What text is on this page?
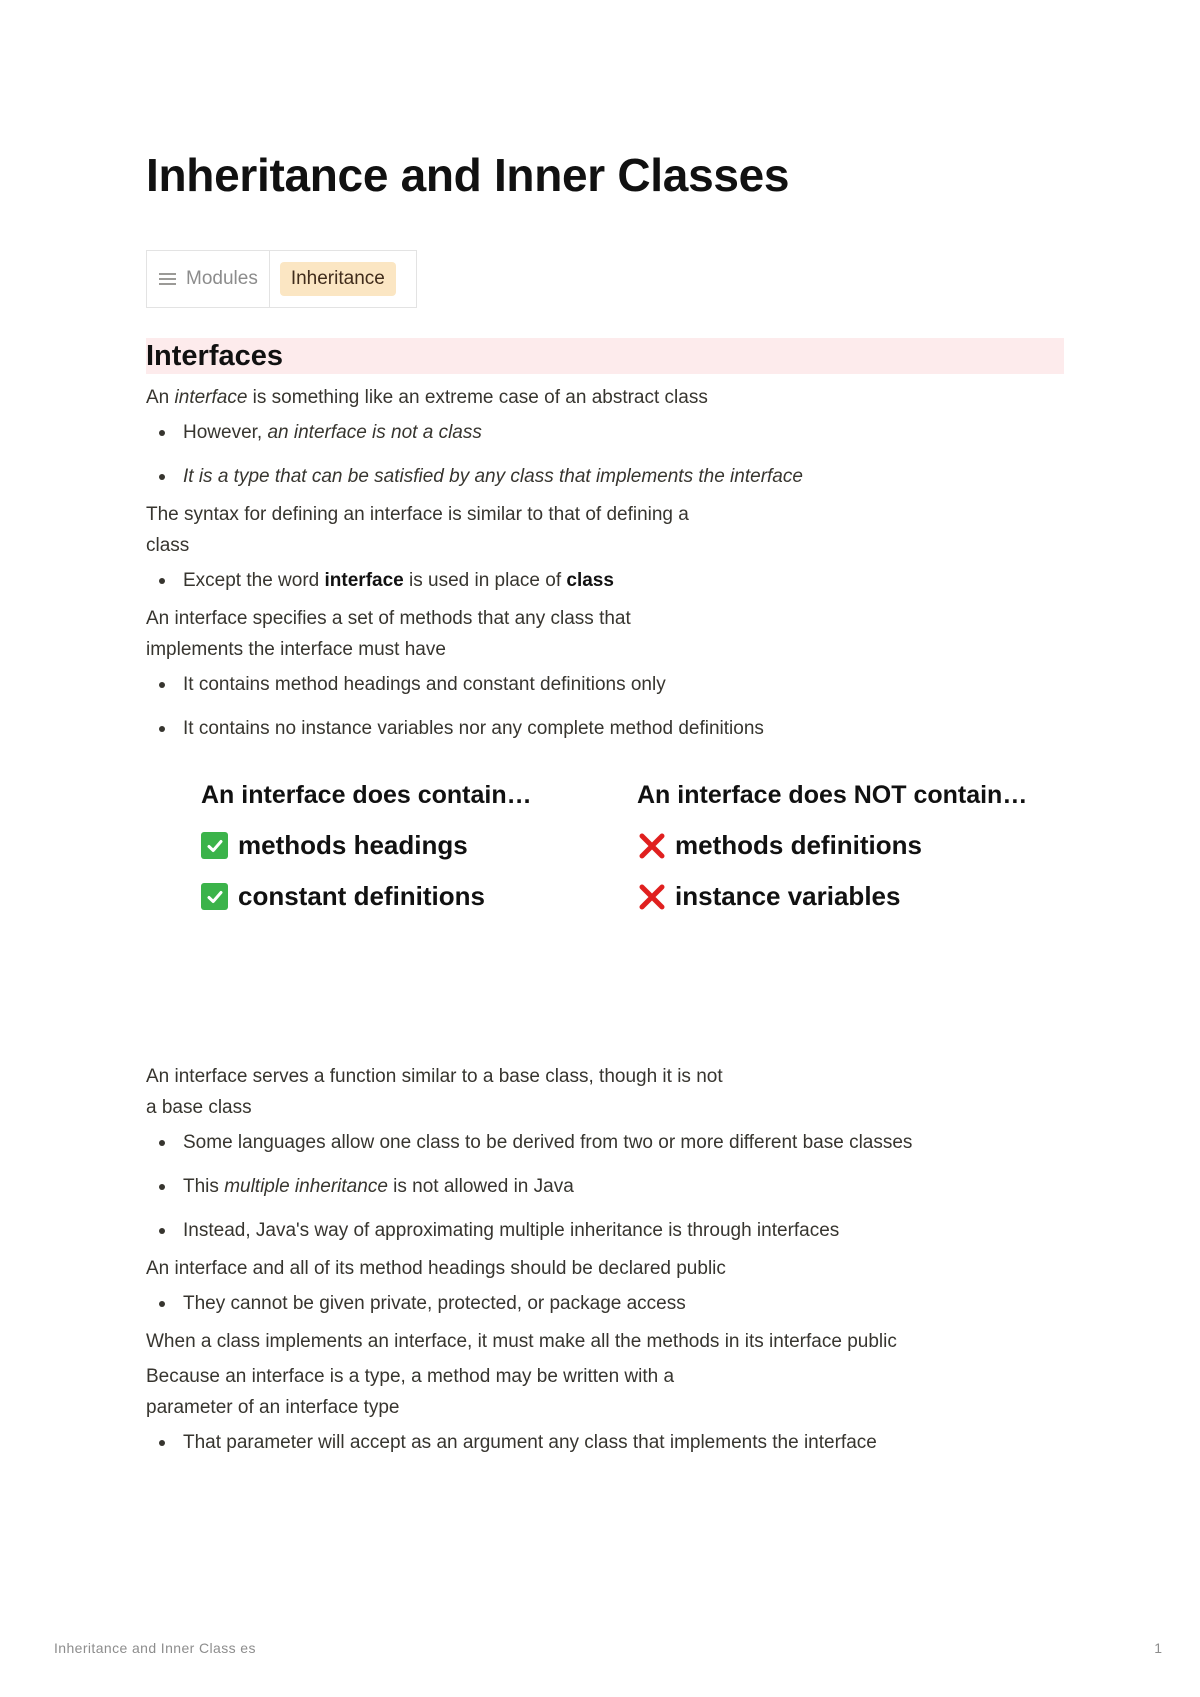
Inheritance and Inner Classes
Modules	Inheritance
Interfaces

An interface is something like an extreme case of an abstract class

However, an interface is not a class
It is a type that can be satisfied by any class that implements the interface

The syntax for defining an interface is similar to that of defining a class

Except the word interface is used in place of class

An interface specifies a set of methods that any class that implements the interface must have

It contains method headings and constant definitions only
It contains no instance variables nor any complete method definitions
An interface does contain…
methods headings
constant definitions
An interface does NOT contain…
methods definitions
instance variables

An interface serves a function similar to a base class, though it is not a base class

Some languages allow one class to be derived from two or more different base classes
This multiple inheritance is not allowed in Java
Instead, Java's way of approximating multiple inheritance is through interfaces

An interface and all of its method headings should be declared public

They cannot be given private, protected, or package access

When a class implements an interface, it must make all the methods in its interface public

Because an interface is a type, a method may be written with a parameter of an interface type

That parameter will accept as an argument any class that implements the interface
Inheritance and Inner Class es	1
